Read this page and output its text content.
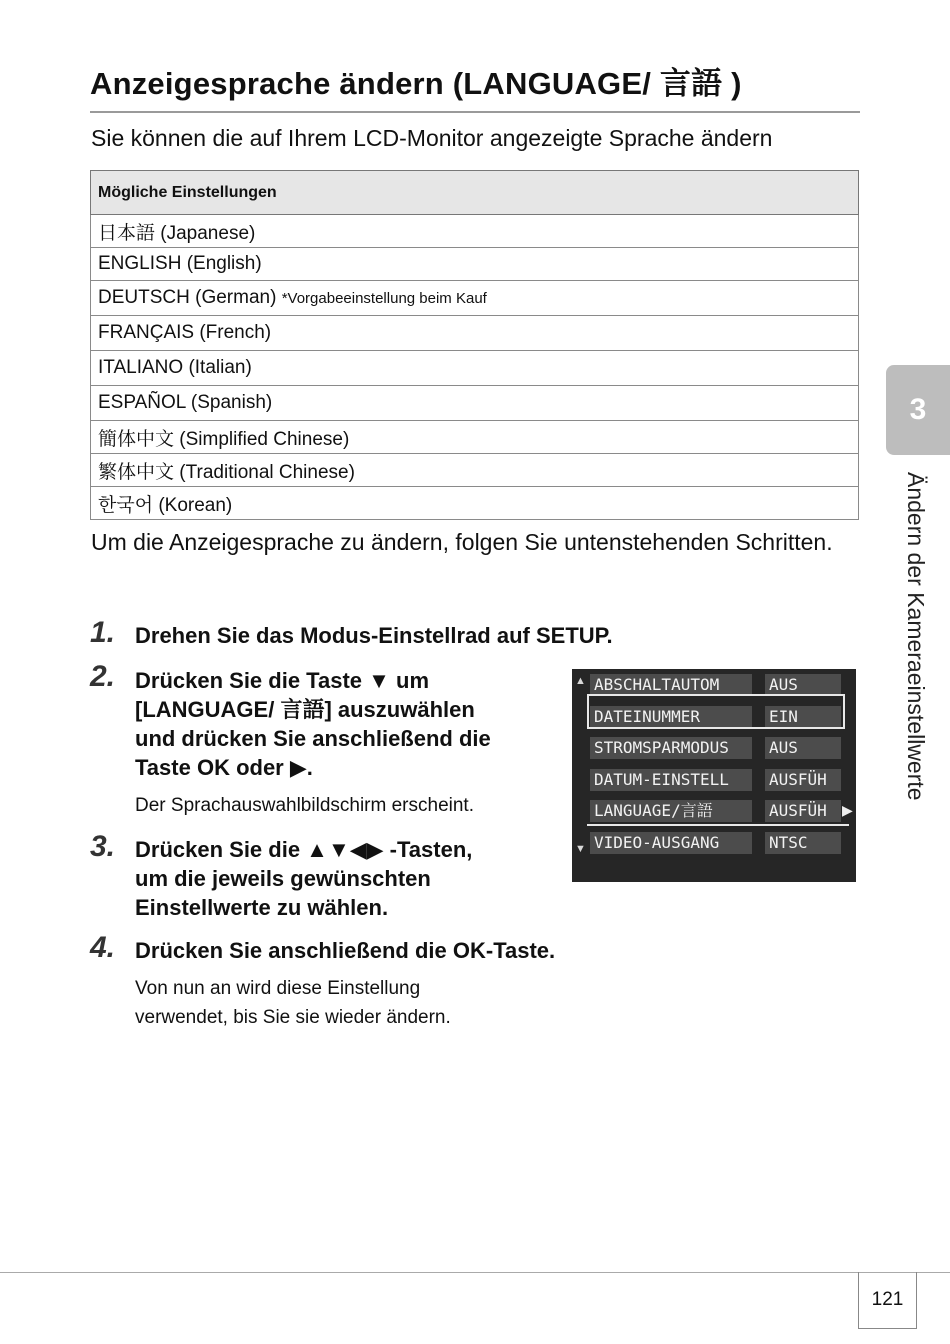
Anzeigesprache ändern (LANGUAGE/ 言語 )
Sie können die auf Ihrem LCD-Monitor angezeigte Sprache ändern
Mögliche Einstellungen
日本語 (Japanese)
ENGLISH (English)
DEUTSCH (German) *Vorgabeeinstellung beim Kauf
FRANÇAIS (French)
ITALIANO (Italian)
ESPAÑOL (Spanish)
簡体中文 (Simplified Chinese)
繁体中文 (Traditional Chinese)
한국어 (Korean)
Um die Anzeigesprache zu ändern, folgen Sie untenstehenden Schritten.
1. Drehen Sie das Modus-Einstellrad auf SETUP.
2. Drücken Sie die Taste ▼ um
[LANGUAGE/ 言語] auszuwählen
und drücken Sie anschließend die
Taste OK oder ▶.
Der Sprachauswahlbildschirm erscheint.
3. Drücken Sie die ▲▼◀▶ -Tasten,
um die jeweils gewünschten
Einstellwerte zu wählen.
4. Drücken Sie anschließend die OK-Taste.
Von nun an wird diese Einstellung
verwendet, bis Sie sie wieder ändern.
▲
▼
ABSCHALTAUTOM	AUS
DATEINUMMER	EIN
STROMSPARMODUS	AUS
DATUM-EINSTELL	AUSFÜH
LANGUAGE/言語	AUSFÜH
VIDEO-AUSGANG	NTSC
▶
3
Ändern der Kameraeinstellwerte
121
